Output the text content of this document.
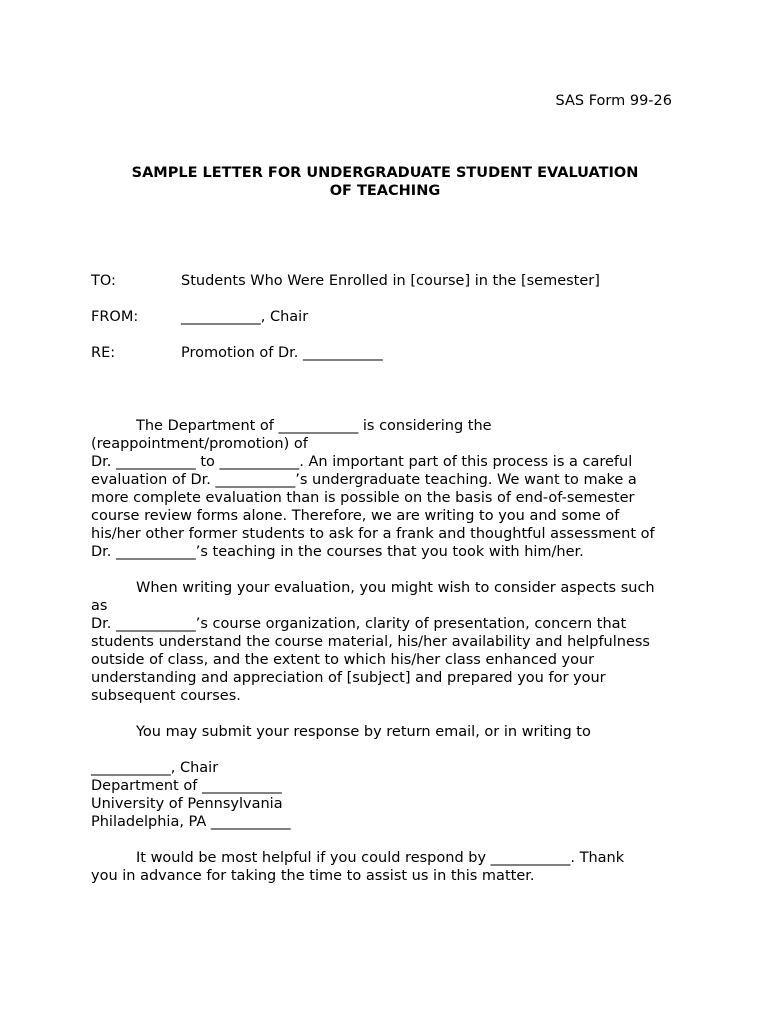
SAS Form 99-26
SAMPLE LETTER FOR UNDERGRADUATE STUDENT EVALUATION
OF TEACHING
TO:	Students Who Were Enrolled in [course] in the [semester]
FROM:	___________, Chair
RE:	Promotion of Dr. ___________
The Department of ___________ is considering the
(reappointment/promotion) of
Dr. ___________ to ___________. An important part of this process is a careful
evaluation of Dr. ___________’s undergraduate teaching. We want to make a
more complete evaluation than is possible on the basis of end-of-semester
course review forms alone. Therefore, we are writing to you and some of
his/her other former students to ask for a frank and thoughtful assessment of
Dr. ___________’s teaching in the courses that you took with him/her.
When writing your evaluation, you might wish to consider aspects such
as
Dr. ___________’s course organization, clarity of presentation, concern that
students understand the course material, his/her availability and helpfulness
outside of class, and the extent to which his/her class enhanced your
understanding and appreciation of [subject] and prepared you for your
subsequent courses.
You may submit your response by return email, or in writing to
___________, Chair
Department of ___________
University of Pennsylvania
Philadelphia, PA ___________
It would be most helpful if you could respond by ___________. Thank
you in advance for taking the time to assist us in this matter.
